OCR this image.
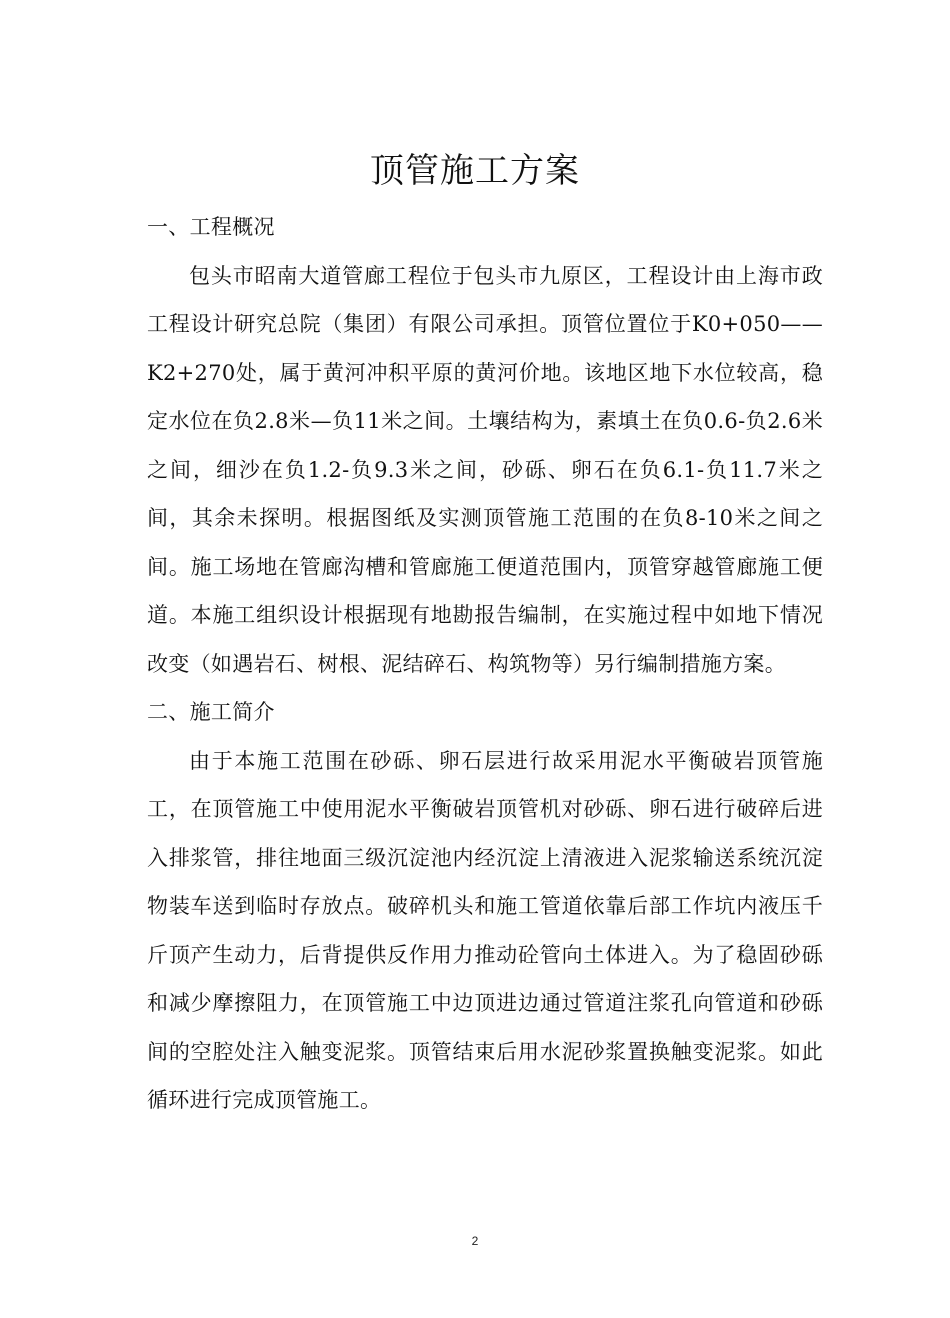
顶管施工方案

一、工程概况

包头市昭南大道管廊工程位于包头市九原区，工程设计由上海市政工程设计研究总院（集团）有限公司承担。顶管位置位于K0+050——K2+270处，属于黄河冲积平原的黄河价地。该地区地下水位较高，稳定水位在负2.8米—负11米之间。土壤结构为，素填土在负0.6-负2.6米之间，细沙在负1.2-负9.3米之间，砂砾、卵石在负6.1-负11.7米之间，其余未探明。根据图纸及实测顶管施工范围的在负8-10米之间之间。施工场地在管廊沟槽和管廊施工便道范围内，顶管穿越管廊施工便道。本施工组织设计根据现有地勘报告编制，在实施过程中如地下情况改变（如遇岩石、树根、泥结碎石、构筑物等）另行编制措施方案。

二、施工简介

由于本施工范围在砂砾、卵石层进行故采用泥水平衡破岩顶管施工，在顶管施工中使用泥水平衡破岩顶管机对砂砾、卵石进行破碎后进入排浆管，排往地面三级沉淀池内经沉淀上清液进入泥浆输送系统沉淀物装车送到临时存放点。破碎机头和施工管道依靠后部工作坑内液压千斤顶产生动力，后背提供反作用力推动砼管向土体进入。为了稳固砂砾和减少摩擦阻力，在顶管施工中边顶进边通过管道注浆孔向管道和砂砾间的空腔处注入触变泥浆。顶管结束后用水泥砂浆置换触变泥浆。如此循环进行完成顶管施工。

2
